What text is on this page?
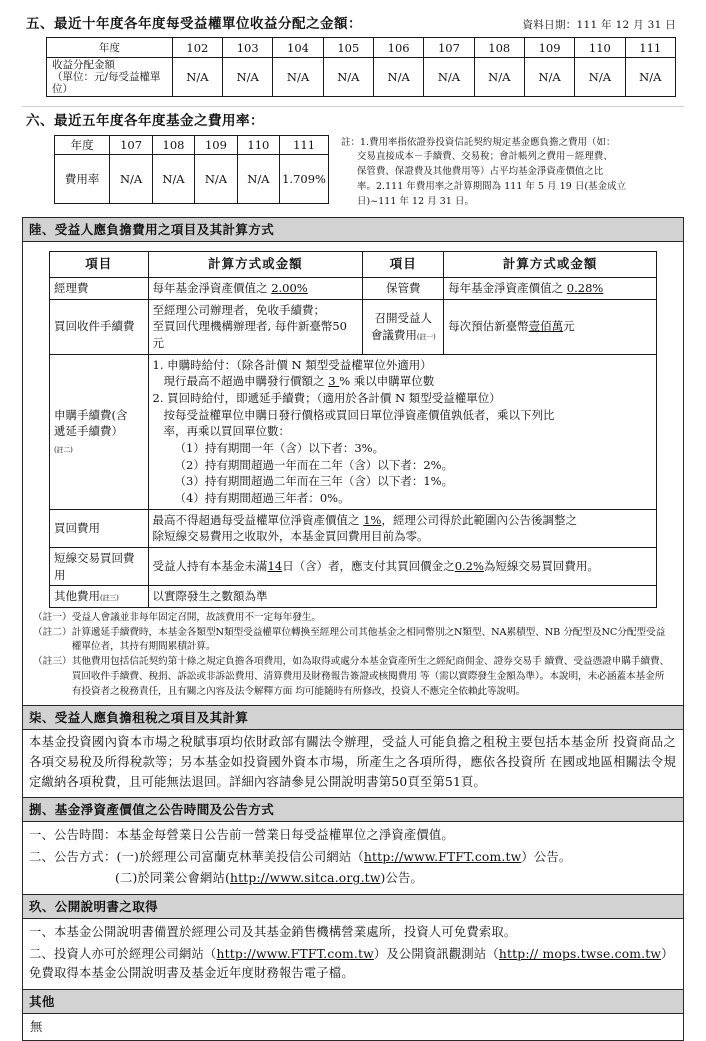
五、最近十年度各年度每受益權單位收益分配之金額：	資料日期：111 年 12 月 31 日
年度	102	103	104	105	106	107	108	109	110	111
收益分配金額
（單位：元/每受益權單位）	N/A	N/A	N/A	N/A	N/A	N/A	N/A	N/A	N/A	N/A
六、最近五年度各年度基金之費用率：
年度	107	108	109	110	111
費用率	N/A	N/A	N/A	N/A	1.709%
註：1.費用率指依證券投資信託契約規定基金應負擔之費用（如：
交易直接成本－手續費、交易稅；會計帳列之費用－經理費、
保管費、保證費及其他費用等）占平均基金淨資產價值之比
率。2.111 年費用率之計算期間為 111 年 5 月 19 日(基金成立
日)~111 年 12 月 31 日。
陸、受益人應負擔費用之項目及其計算方式
項目	計算方式或金額	項目	計算方式或金額
經理費	每年基金淨資產價值之 2.00%	保管費	每年基金淨資產價值之 0.28%
買回收件手續費	至經理公司辦理者，免收手續費；
至買回代理機構辦理者, 每件新臺幣50 元	召開受益人
會議費用(註一)	每次預估新臺幣壹佰萬元
申購手續費(含
遞延手續費）
(註二)	1. 申購時給付：（除各計價 N 類型受益權單位外適用）
現行最高不超過申購發行價額之 3 % 乘以申購單位數
2. 買回時給付，即遞延手續費；（適用於各計價 N 類型受益權單位）
按每受益權單位申購日發行價格或買回日單位淨資產價值孰低者，乘以下列比
率，再乘以買回單位數：
（1）持有期間一年（含）以下者：3%。
（2）持有期間超過一年而在二年（含）以下者：2%。
（3）持有期間超過二年而在三年（含）以下者：1%。
（4）持有期間超過三年者：0%。

買回費用	最高不得超過每受益權單位淨資產價值之 1%，經理公司得於此範圍內公告後調整之
除短線交易費用之收取外，本基金買回費用目前為零。		
短線交易買回費用	受益人持有本基金未滿14日（含）者，應支付其買回價金之0.2%為短線交易買回費用。		
其他費用(註三)	以實際發生之數額為準		
（註一） 受益人會議並非每年固定召開，故該費用不一定每年發生。
（註二） 計算遞延手續費時，本基金各類型N類型受益權單位轉換至經理公司其他基金之相同幣別之N類型、NA累積型、NB 分配型及NC分配型受益權單位者，其持有期間累積計算。
（註三） 其他費用包括信託契約第十條之規定負擔各項費用，如為取得或處分本基金資產所生之經紀商佣金、證券交易手 續費、受益憑證申購手續費、買回收件手續費、稅捐、訴訟或非訴訟費用、清算費用及財務報告簽證或核閱費用 等（需以實際發生金額為準）。本說明，未必涵蓋本基金所有投資者之稅務責任，且有關之內容及法令解釋方面 均可能隨時有所修改，投資人不應完全依賴此等說明。
柒、受益人應負擔租稅之項目及其計算
本基金投資國內資本市場之稅賦事項均依財政部有關法令辦理，受益人可能負擔之租稅主要包括本基金所 投資商品之各項交易稅及所得稅款等；另本基金如投資國外資本市場，所產生之各項所得，應依各投資所 在國或地區相關法令規定繳納各項稅費，且可能無法退回。詳細內容請參見公開說明書第50頁至第51頁。
捌、基金淨資產價值之公告時間及公告方式
一、公告時間：本基金每營業日公告前一營業日每受益權單位之淨資產價值。
二、公告方式：(一)於經理公司富蘭克林華美投信公司網站（http://www.FTFT.com.tw）公告。
(二)於同業公會網站(http://www.sitca.org.tw)公告。
玖、公開說明書之取得
一、本基金公開說明書備置於經理公司及其基金銷售機構營業處所，投資人可免費索取。
二、投資人亦可於經理公司網站（http://www.FTFT.com.tw）及公開資訊觀測站（http:// mops.twse.com.tw）免費取得本基金公開說明書及基金近年度財務報告電子檔。
其他
無
